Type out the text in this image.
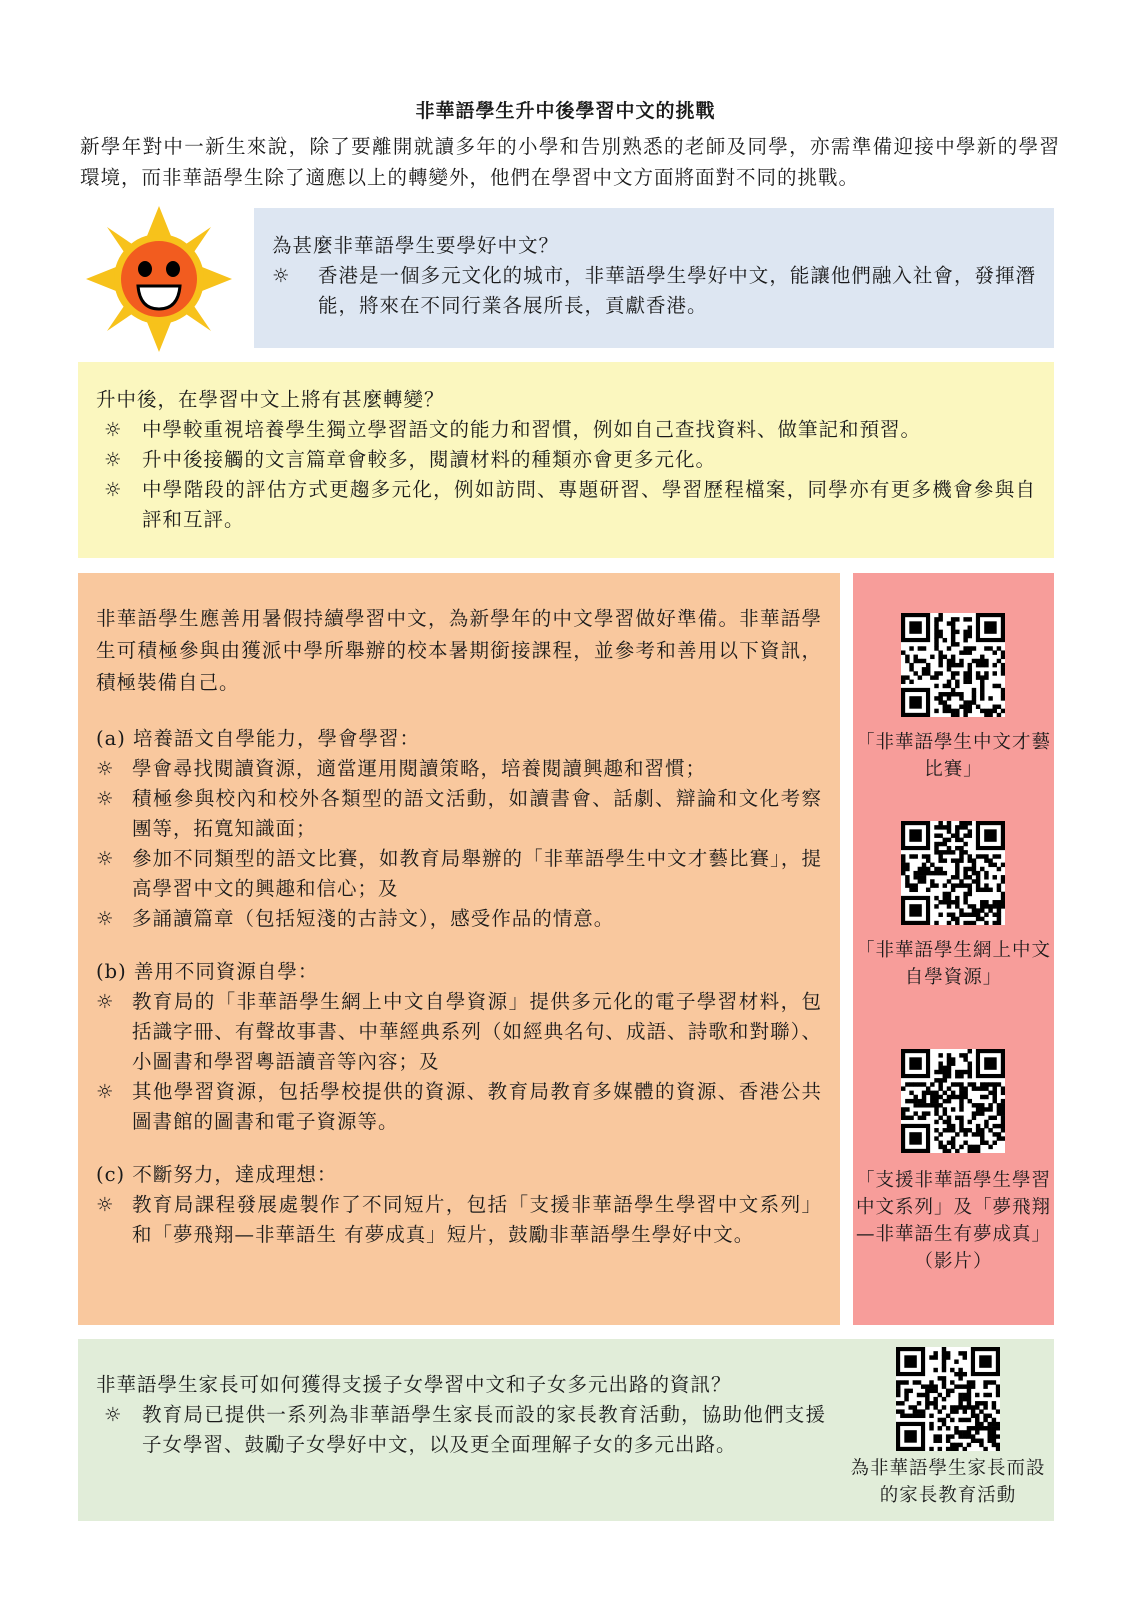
非華語學生升中後學習中文的挑戰
新學年對中一新生來說，除了要離開就讀多年的小學和告別熟悉的老師及同學，亦需準備迎接中學新的學習環境，而非華語學生除了適應以上的轉變外，他們在學習中文方面將面對不同的挑戰。
為甚麼非華語學生要學好中文？
☼ 香港是一個多元文化的城市，非華語學生學好中文，能讓他們融入社會，發揮潛能，將來在不同行業各展所長，貢獻香港。
升中後，在學習中文上將有甚麼轉變？
☼ 中學較重視培養學生獨立學習語文的能力和習慣，例如自己查找資料、做筆記和預習。
☼ 升中後接觸的文言篇章會較多，閱讀材料的種類亦會更多元化。
☼ 中學階段的評估方式更趨多元化，例如訪問、專題研習、學習歷程檔案，同學亦有更多機會參與自評和互評。

非華語學生應善用暑假持續學習中文，為新學年的中文學習做好準備。非華語學生可積極參與由獲派中學所舉辦的校本暑期銜接課程，並參考和善用以下資訊，積極裝備自己。

(a) 培養語文自學能力，學會學習：
☼ 學會尋找閱讀資源，適當運用閱讀策略，培養閱讀興趣和習慣；
☼ 積極參與校內和校外各類型的語文活動，如讀書會、話劇、辯論和文化考察團等，拓寬知識面；
☼ 參加不同類型的語文比賽，如教育局舉辦的「非華語學生中文才藝比賽」，提高學習中文的興趣和信心；及
☼ 多誦讀篇章（包括短淺的古詩文），感受作品的情意。
(b) 善用不同資源自學：
☼ 教育局的「非華語學生網上中文自學資源」提供多元化的電子學習材料，包括識字冊、有聲故事書、中華經典系列（如經典名句、成語、詩歌和對聯）、小圖書和學習粵語讀音等內容；及
☼ 其他學習資源，包括學校提供的資源、教育局教育多媒體的資源、香港公共圖書館的圖書和電子資源等。
(c) 不斷努力，達成理想：
☼ 教育局課程發展處製作了不同短片，包括「支援非華語學生學習中文系列」和「夢飛翔—非華語生 有夢成真」短片，鼓勵非華語學生學好中文。
「非華語學生中文才藝比賽」
「非華語學生網上中文自學資源」
「支援非華語學生學習中文系列」及「夢飛翔—非華語生有夢成真」（影片）
非華語學生家長可如何獲得支援子女學習中文和子女多元出路的資訊？
☼ 教育局已提供一系列為非華語學生家長而設的家長教育活動，協助他們支援子女學習、鼓勵子女學好中文，以及更全面理解子女的多元出路。
為非華語學生家長而設的家長教育活動
